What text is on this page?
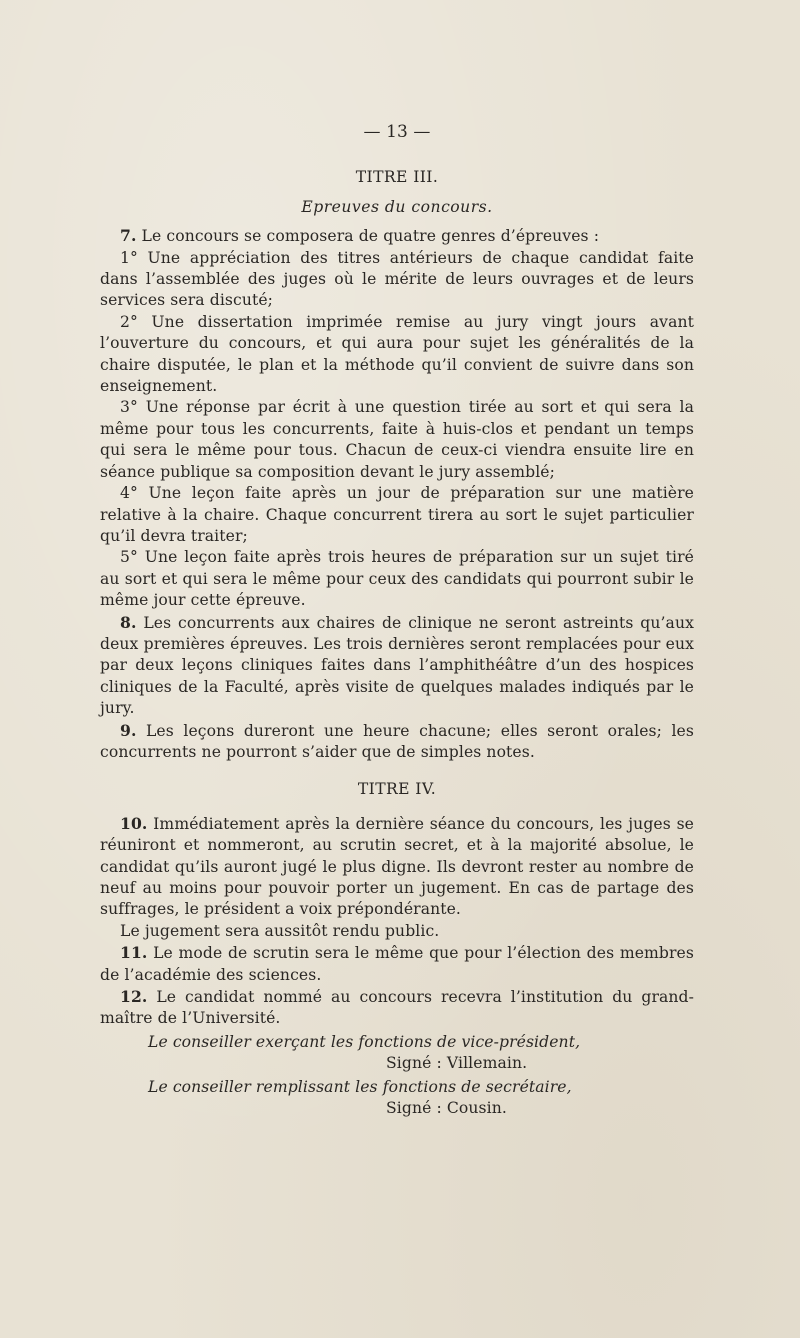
— 13 —
TITRE III.
Epreuves du concours.

7. Le concours se composera de quatre genres d’épreuves :

1° Une appréciation des titres antérieurs de chaque candidat faite dans l’assemblée des juges où le mérite de leurs ouvrages et de leurs services sera discuté;

2° Une dissertation imprimée remise au jury vingt jours avant l’ouverture du concours, et qui aura pour sujet les généralités de la chaire disputée, le plan et la méthode qu’il convient de suivre dans son enseignement.

3° Une réponse par écrit à une question tirée au sort et qui sera la même pour tous les concurrents, faite à huis-clos et pendant un temps qui sera le même pour tous. Chacun de ceux-ci viendra ensuite lire en séance publique sa composition devant le jury assemblé;

4° Une leçon faite après un jour de préparation sur une matière relative à la chaire. Chaque concurrent tirera au sort le sujet particulier qu’il devra traiter;

5° Une leçon faite après trois heures de préparation sur un sujet tiré au sort et qui sera le même pour ceux des candidats qui pourront subir le même jour cette épreuve.

8. Les concurrents aux chaires de clinique ne seront astreints qu’aux deux premières épreuves. Les trois dernières seront remplacées pour eux par deux leçons cliniques faites dans l’amphithéâtre d’un des hospices cliniques de la Faculté, après visite de quelques malades indiqués par le jury.

9. Les leçons dureront une heure chacune; elles seront orales; les concurrents ne pourront s’aider que de simples notes.

TITRE IV.

10. Immédiatement après la dernière séance du concours, les juges se réuniront et nommeront, au scrutin secret, et à la majorité absolue, le candidat qu’ils auront jugé le plus digne. Ils devront rester au nombre de neuf au moins pour pouvoir porter un jugement. En cas de partage des suffrages, le président a voix prépondérante.

Le jugement sera aussitôt rendu public.

11. Le mode de scrutin sera le même que pour l’élection des membres de l’académie des sciences.

12. Le candidat nommé au concours recevra l’institution du grand-maître de l’Université.

Le conseiller exerçant les fonctions de vice-président,
Signé : Villemain.
Le conseiller remplissant les fonctions de secrétaire,
Signé : Cousin.
